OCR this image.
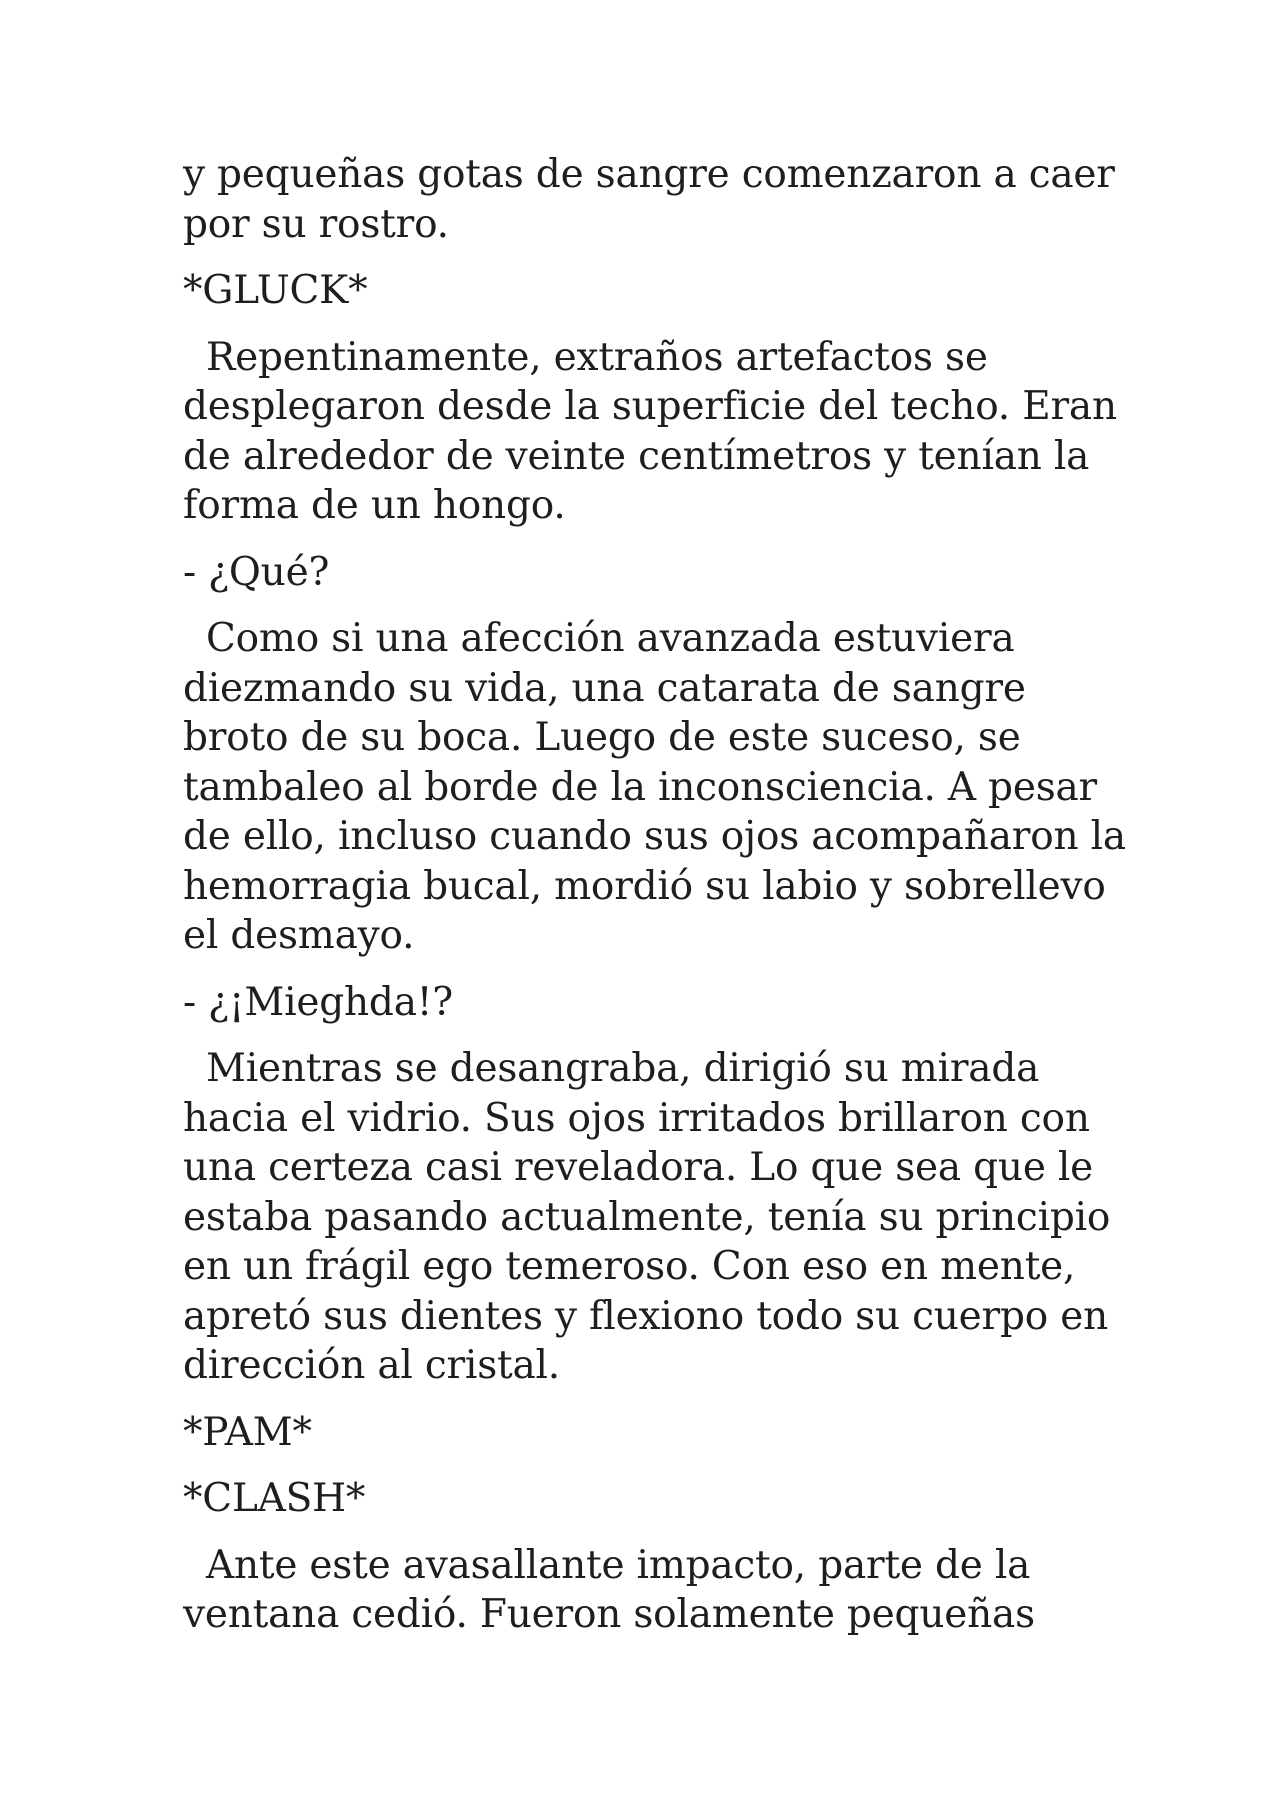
y pequeñas gotas de sangre comenzaron a caer
por su rostro.

*GLUCK*

Repentinamente, extraños artefactos se
desplegaron desde la superficie del techo. Eran
de alrededor de veinte centímetros y tenían la
forma de un hongo.

- ¿Qué?

Como si una afección avanzada estuviera
diezmando su vida, una catarata de sangre
broto de su boca. Luego de este suceso, se
tambaleo al borde de la inconsciencia. A pesar
de ello, incluso cuando sus ojos acompañaron la
hemorragia bucal, mordió su labio y sobrellevo
el desmayo.

- ¿¡Mieghda!?

Mientras se desangraba, dirigió su mirada
hacia el vidrio. Sus ojos irritados brillaron con
una certeza casi reveladora. Lo que sea que le
estaba pasando actualmente, tenía su principio
en un frágil ego temeroso. Con eso en mente,
apretó sus dientes y flexiono todo su cuerpo en
dirección al cristal.

*PAM*

*CLASH*

Ante este avasallante impacto, parte de la
ventana cedió. Fueron solamente pequeñas
